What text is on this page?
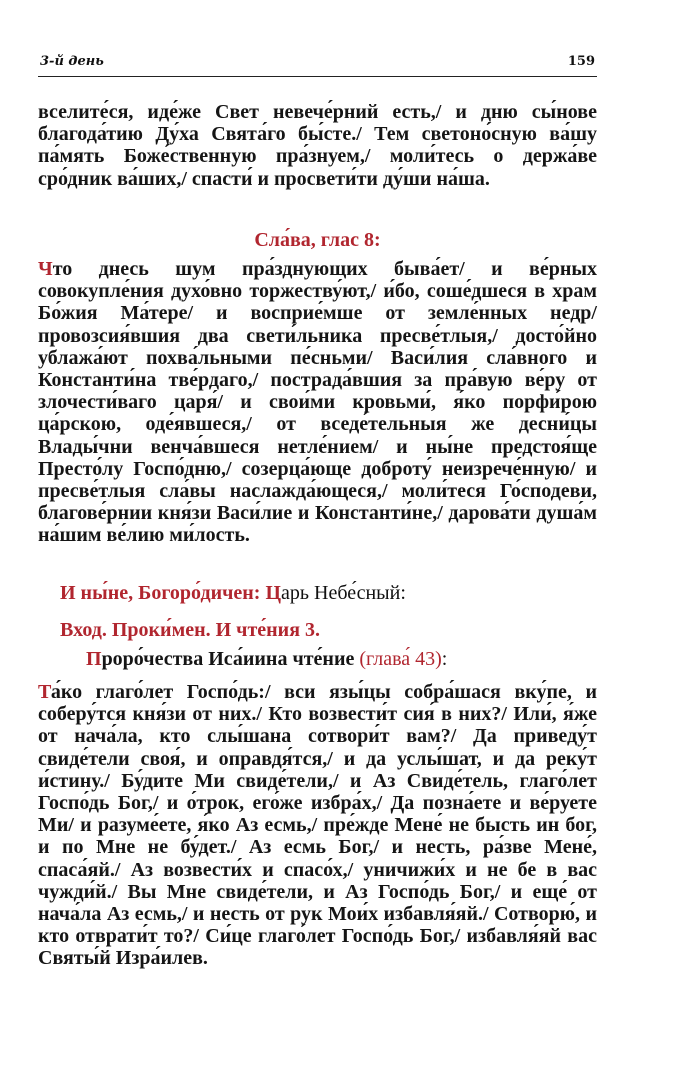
3-й день	159
вселите́ся, иде́же Свет невече́рний есть,/ и дню сы́нове благода́тию Ду́ха Свята́го бы́сте./ Тем светоно́сную ва́шу па́мять Боже́ственную пра́знуем,/ моли́тесь о держа́ве сро́дник ва́ших,/ спасти́ и просвети́ти ду́ши на́ша.
Сла́ва, глас 8:
Что днесь шум пра́зднующих быва́ет/ и ве́рных совокупле́ния духо́вно торжеству́ют,/ и́бо, соше́дшеся в храм Бо́жия Ма́тере/ и восприе́мше от земле́нных недр/ провозсия́вшия два свети́льника пресве́тлыя,/ досто́йно ублажа́ют похва́льными пе́сньми/ Васи́лия сла́вного и Константи́на тве́рдаго,/ пострада́вшия за пра́вую ве́ру от злочести́ваго царя́/ и свои́ми кровьми́, я́ко порфи́рою ца́рскою, оде́явшеся,/ от вседе́тельныя же десни́цы Влады́чни венча́вшеся нетле́нием/ и ны́не предстоя́ще Престо́лу Госпо́дню,/ созерца́юще доброту́ неизрече́нную/ и пресве́тлыя сла́вы наслажда́ющеся,/ моли́теся Го́сподеви, благове́рнии кня́зи Васи́лие и Константи́не,/ дарова́ти душа́м на́шим ве́лию ми́лость.
И ны́не, Богоро́дичен: Царь Небе́сный:
Вход. Проки́мен. И чте́ния 3.
Проро́чества Иса́иина чте́ние (глава́ 43):
Та́ко глаго́лет Госпо́дь:/ вси язы́цы собра́шася вку́пе, и соберу́тся кня́зи от них./ Кто возвести́т сия́ в них?/ Или́, я́же от нача́ла, кто слы́шана сотвори́т вам?/ Да приведу́т свиде́тели своя́, и оправдя́тся,/ и да услы́шат, и да реку́т и́стину./ Бу́дите Ми свиде́тели,/ и Аз Свиде́тель, глаго́лет Госпо́дь Бог,/ и о́трок, его́же избра́х,/ Да позна́ете и ве́руете Ми/ и разуме́ете, я́ко Аз есмь,/ пре́жде Мене́ не бысть ин бог, и по Мне не бу́дет./ Аз есмь Бог,/ и несть, ра́зве Мене́, спаса́яй./ Аз возвести́х и спасо́х,/ уничижи́х и не бе в вас чужди́й./ Вы Мне свиде́тели, и Аз Госпо́дь Бог,/ и еще́ от нача́ла Аз есмь,/ и несть от рук Мои́х избавля́яй./ Сотворю́, и кто отврати́т то?/ Си́це глаго́лет Госпо́дь Бог,/ избавля́яй вас Святы́й Изра́илев.
